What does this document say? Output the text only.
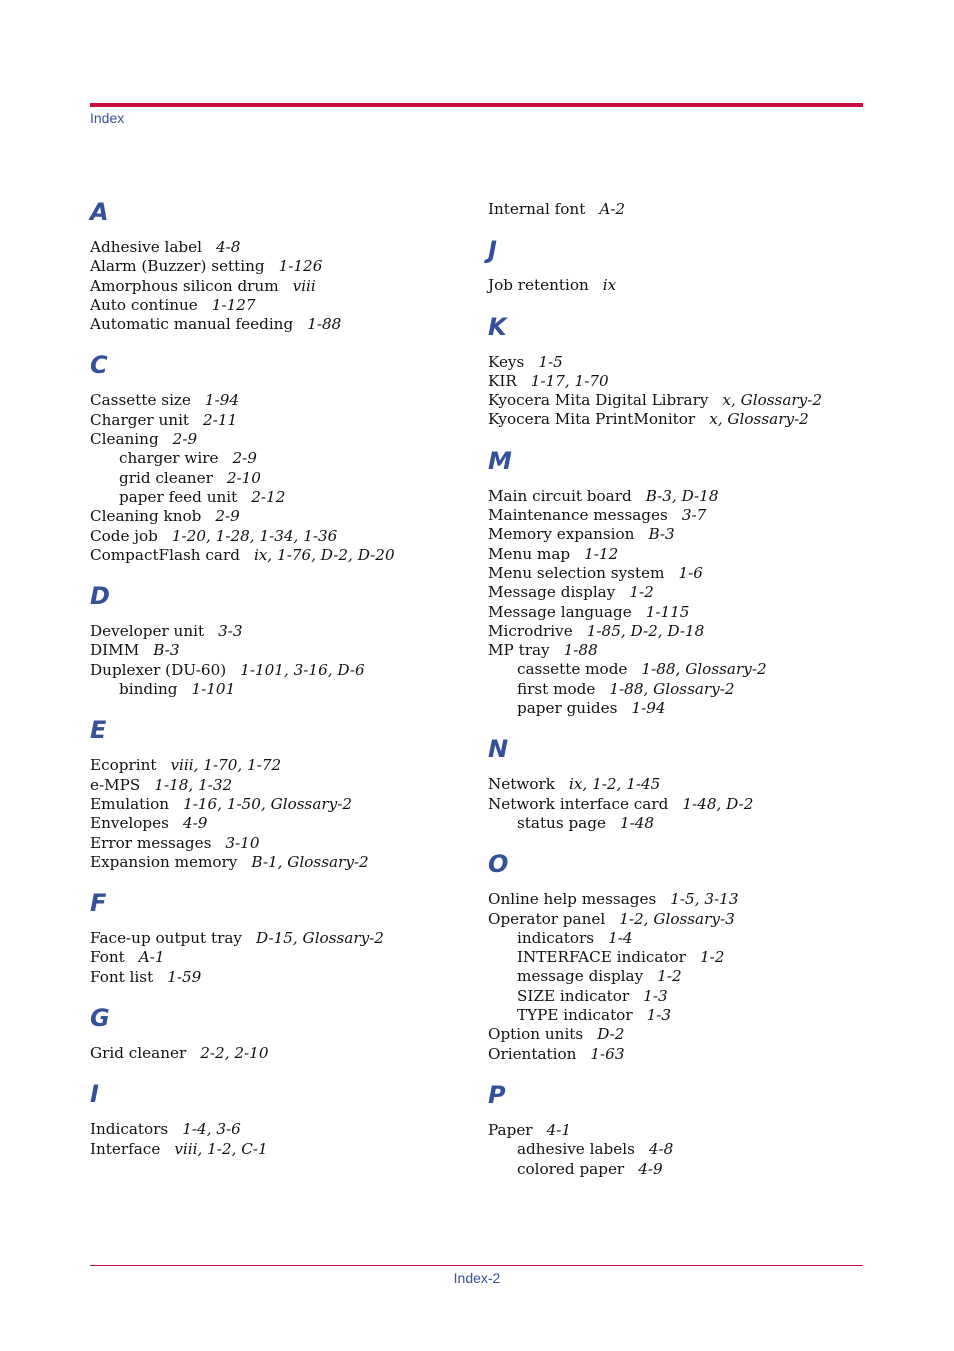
Index
A
Adhesive label 4-8
Alarm (Buzzer) setting 1-126
Amorphous silicon drum viii
Auto continue 1-127
Automatic manual feeding 1-88
C
Cassette size 1-94
Charger unit 2-11
Cleaning 2-9
charger wire 2-9
grid cleaner 2-10
paper feed unit 2-12
Cleaning knob 2-9
Code job 1-20, 1-28, 1-34, 1-36
CompactFlash card ix, 1-76, D-2, D-20
D
Developer unit 3-3
DIMM B-3
Duplexer (DU-60) 1-101, 3-16, D-6
binding 1-101
E
Ecoprint viii, 1-70, 1-72
e-MPS 1-18, 1-32
Emulation 1-16, 1-50, Glossary-2
Envelopes 4-9
Error messages 3-10
Expansion memory B-1, Glossary-2
F
Face-up output tray D-15, Glossary-2
Font A-1
Font list 1-59
G
Grid cleaner 2-2, 2-10
I
Indicators 1-4, 3-6
Interface viii, 1-2, C-1
Internal font A-2
J
Job retention ix
K
Keys 1-5
KIR 1-17, 1-70
Kyocera Mita Digital Library x, Glossary-2
Kyocera Mita PrintMonitor x, Glossary-2
M
Main circuit board B-3, D-18
Maintenance messages 3-7
Memory expansion B-3
Menu map 1-12
Menu selection system 1-6
Message display 1-2
Message language 1-115
Microdrive 1-85, D-2, D-18
MP tray 1-88
cassette mode 1-88, Glossary-2
first mode 1-88, Glossary-2
paper guides 1-94
N
Network ix, 1-2, 1-45
Network interface card 1-48, D-2
status page 1-48
O
Online help messages 1-5, 3-13
Operator panel 1-2, Glossary-3
indicators 1-4
INTERFACE indicator 1-2
message display 1-2
SIZE indicator 1-3
TYPE indicator 1-3
Option units D-2
Orientation 1-63
P
Paper 4-1
adhesive labels 4-8
colored paper 4-9
Index-2
